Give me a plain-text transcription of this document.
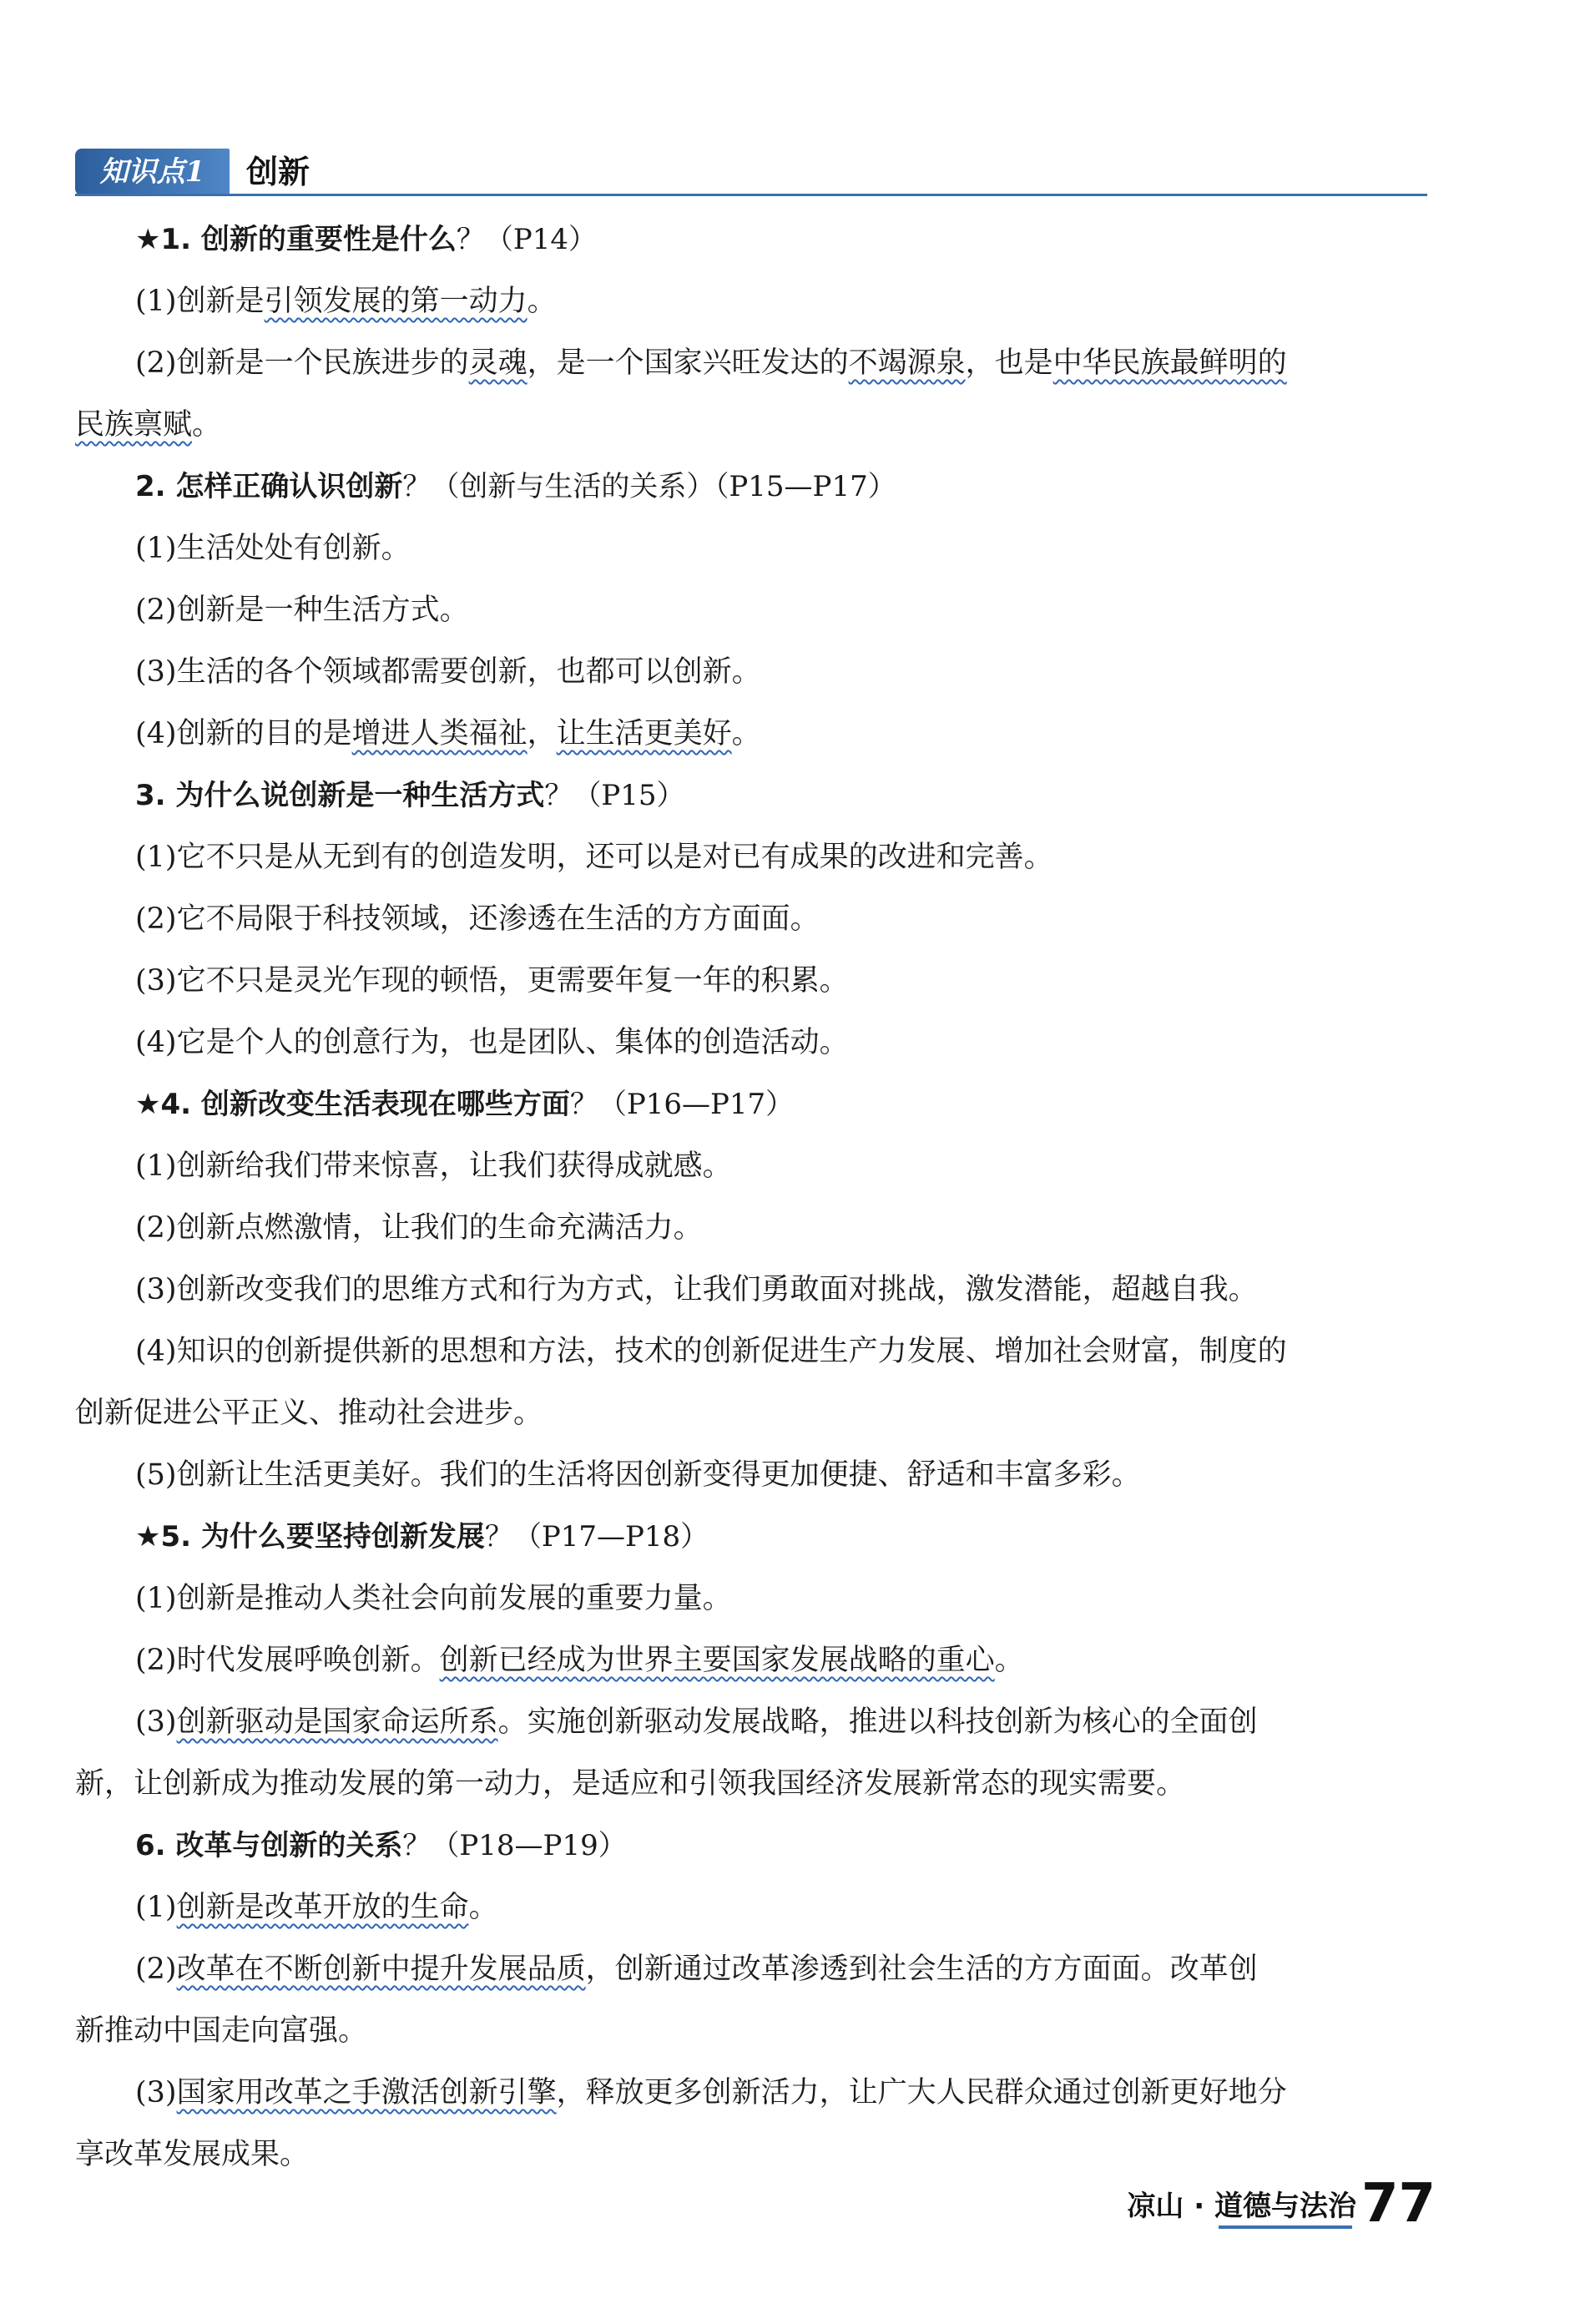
知识点1	创新
★1. 创新的重要性是什么？（P14）
(1)创新是引领发展的第一动力。
(2)创新是一个民族进步的灵魂，是一个国家兴旺发达的不竭源泉，也是中华民族最鲜明的
民族禀赋。
2. 怎样正确认识创新？（创新与生活的关系）（P15—P17）
(1)生活处处有创新。
(2)创新是一种生活方式。
(3)生活的各个领域都需要创新，也都可以创新。
(4)创新的目的是增进人类福祉，让生活更美好。
3. 为什么说创新是一种生活方式？（P15）
(1)它不只是从无到有的创造发明，还可以是对已有成果的改进和完善。
(2)它不局限于科技领域，还渗透在生活的方方面面。
(3)它不只是灵光乍现的顿悟，更需要年复一年的积累。
(4)它是个人的创意行为，也是团队、集体的创造活动。
★4. 创新改变生活表现在哪些方面？（P16—P17）
(1)创新给我们带来惊喜，让我们获得成就感。
(2)创新点燃激情，让我们的生命充满活力。
(3)创新改变我们的思维方式和行为方式，让我们勇敢面对挑战，激发潜能，超越自我。
(4)知识的创新提供新的思想和方法，技术的创新促进生产力发展、增加社会财富，制度的
创新促进公平正义、推动社会进步。
(5)创新让生活更美好。我们的生活将因创新变得更加便捷、舒适和丰富多彩。
★5. 为什么要坚持创新发展？（P17—P18）
(1)创新是推动人类社会向前发展的重要力量。
(2)时代发展呼唤创新。创新已经成为世界主要国家发展战略的重心。
(3)创新驱动是国家命运所系。实施创新驱动发展战略，推进以科技创新为核心的全面创
新，让创新成为推动发展的第一动力，是适应和引领我国经济发展新常态的现实需要。
6. 改革与创新的关系？（P18—P19）
(1)创新是改革开放的生命。
(2)改革在不断创新中提升发展品质，创新通过改革渗透到社会生活的方方面面。改革创
新推动中国走向富强。
(3)国家用改革之手激活创新引擎，释放更多创新活力，让广大人民群众通过创新更好地分
享改革发展成果。
凉山 · 道德与法治 77
